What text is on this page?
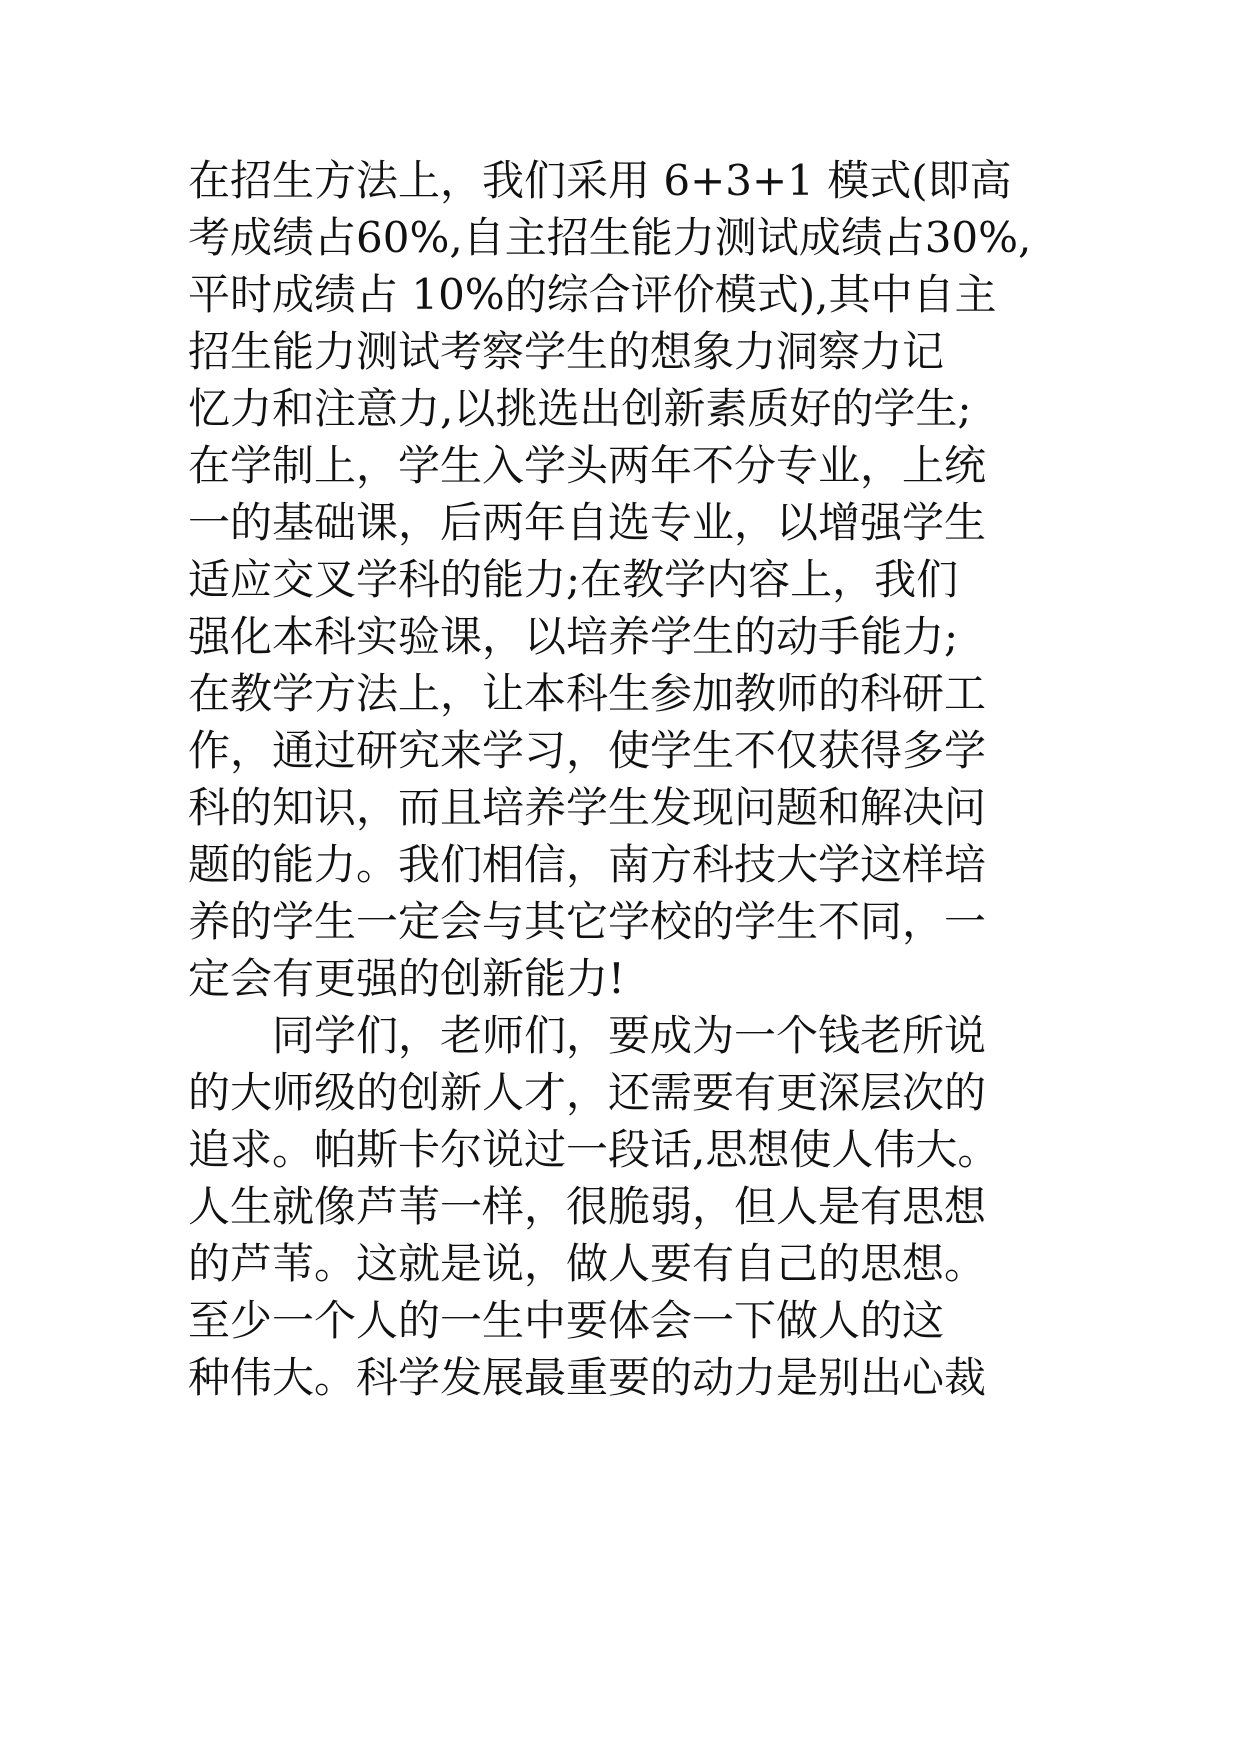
在招生方法上，我们采用 6+3+1 模式(即高

考成绩占60%,自主招生能力测试成绩占30%,

平时成绩占 10%的综合评价模式),其中自主

招生能力测试考察学生的想象力洞察力记

忆力和注意力,以挑选出创新素质好的学生;

在学制上，学生入学头两年不分专业，上统

一的基础课，后两年自选专业，以增强学生

适应交叉学科的能力;在教学内容上，我们

强化本科实验课，以培养学生的动手能力;

在教学方法上，让本科生参加教师的科研工

作，通过研究来学习，使学生不仅获得多学

科的知识，而且培养学生发现问题和解决问

题的能力。我们相信，南方科技大学这样培

养的学生一定会与其它学校的学生不同，一

定会有更强的创新能力!

　　同学们，老师们，要成为一个钱老所说

的大师级的创新人才，还需要有更深层次的

追求。帕斯卡尔说过一段话,思想使人伟大。

人生就像芦苇一样，很脆弱，但人是有思想

的芦苇。这就是说，做人要有自己的思想。

至少一个人的一生中要体会一下做人的这

种伟大。科学发展最重要的动力是别出心裁
